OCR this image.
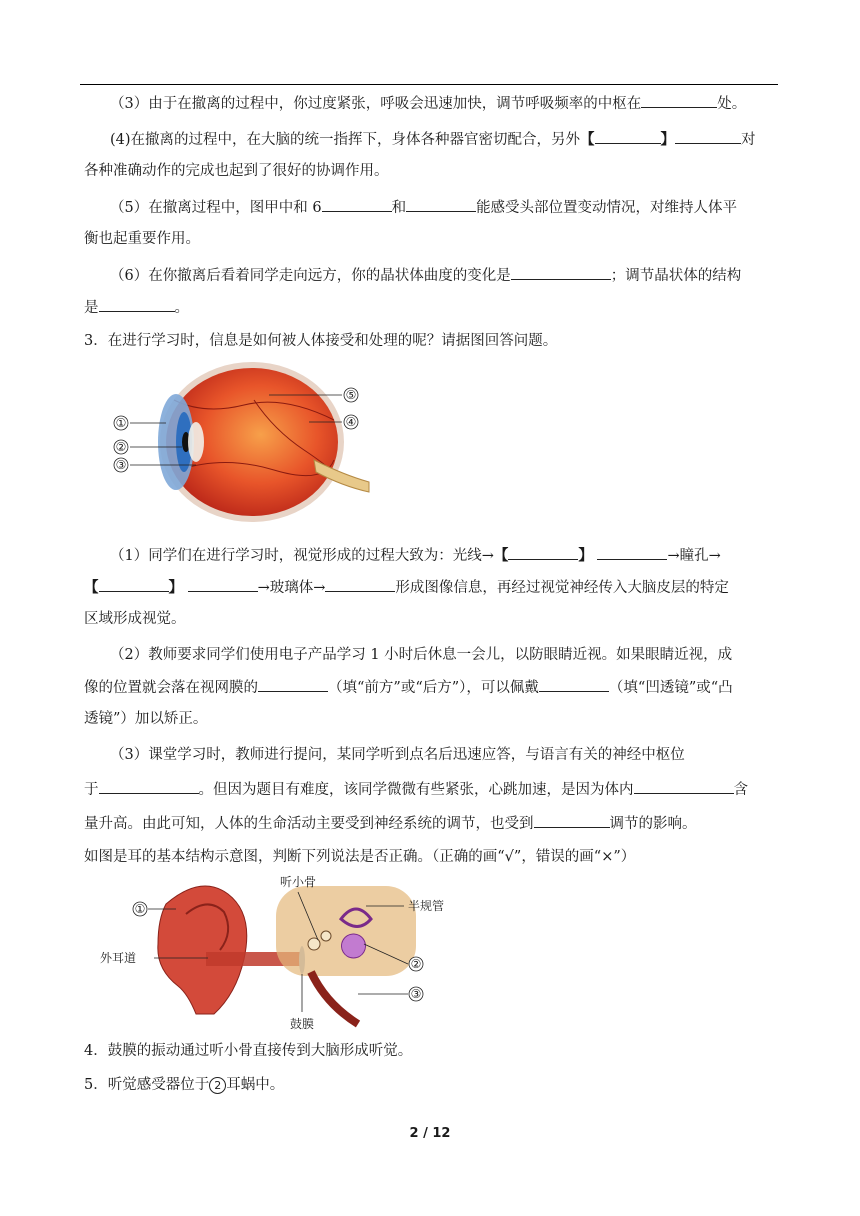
（3）由于在撤离的过程中，你过度紧张，呼吸会迅速加快，调节呼吸频率的中枢在	处。
(4)在撤离的过程中，在大脑的统一指挥下，身体各种器官密切配合，另外【	】	对
各种准确动作的完成也起到了很好的协调作用。
（5）在撤离过程中，图甲中和 6	和	能感受头部位置变动情况，对维持人体平
衡也起重要作用。
（6）在你撤离后看着同学走向远方，你的晶状体曲度的变化是	；调节晶状体的结构
是	。
3．在进行学习时，信息是如何被人体接受和处理的呢？请据图回答问题。
①
②
③
④
⑤
（1）同学们在进行学习时，视觉形成的过程大致为：光线→【	】	→瞳孔→
【	】	→玻璃体→	形成图像信息，再经过视觉神经传入大脑皮层的特定
区域形成视觉。
（2）教师要求同学们使用电子产品学习 1 小时后休息一会儿，以防眼睛近视。如果眼睛近视，成
像的位置就会落在视网膜的	（填“前方”或“后方”），可以佩戴	（填“凹透镜”或“凸
透镜”）加以矫正。
（3）课堂学习时，教师进行提问，某同学听到点名后迅速应答，与语言有关的神经中枢位
于	。但因为题目有难度，该同学微微有些紧张，心跳加速，是因为体内	含
量升高。由此可知，人体的生命活动主要受到神经系统的调节，也受到	调节的影响。
如图是耳的基本结构示意图，判断下列说法是否正确。（正确的画“√”，错误的画“×”）
①
②
③
听小骨
半规管
外耳道
鼓膜
4．鼓膜的振动通过听小骨直接传到大脑形成听觉。
5．听觉感受器位于 2 耳蜗中。
2 / 12
